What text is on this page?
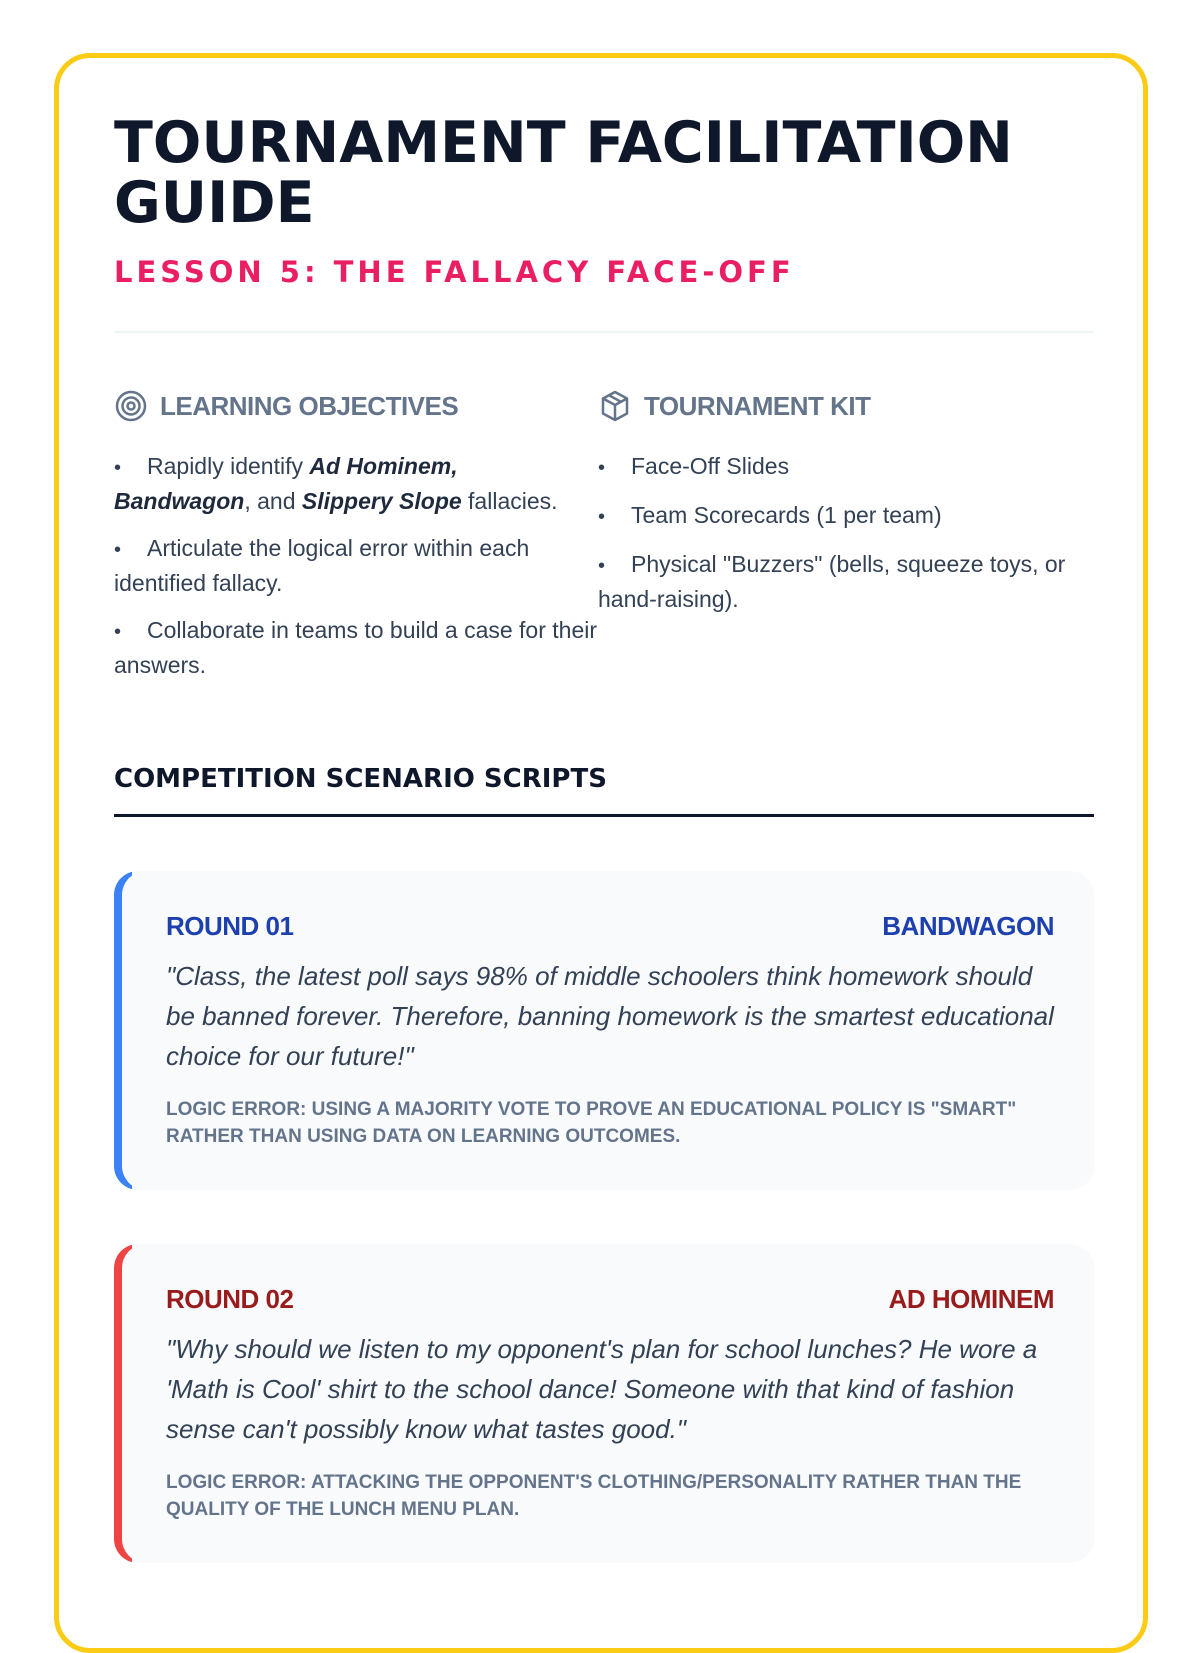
TOURNAMENT FACILITATION GUIDE
LESSON 5: THE FALLACY FACE-OFF
LEARNING OBJECTIVES
• Rapidly identify Ad Hominem, Bandwagon, and Slippery Slope fallacies.
• Articulate the logical error within each identified fallacy.
• Collaborate in teams to build a case for their answers.
TOURNAMENT KIT
• Face-Off Slides
• Team Scorecards (1 per team)
• Physical "Buzzers" (bells, squeeze toys, or hand-raising).
COMPETITION SCENARIO SCRIPTS
ROUND 01	BANDWAGON

"Class, the latest poll says 98% of middle schoolers think homework should be banned forever. Therefore, banning homework is the smartest educational choice for our future!"

LOGIC ERROR: USING A MAJORITY VOTE TO PROVE AN EDUCATIONAL POLICY IS "SMART" RATHER THAN USING DATA ON LEARNING OUTCOMES.

ROUND 02	AD HOMINEM

"Why should we listen to my opponent's plan for school lunches? He wore a 'Math is Cool' shirt to the school dance! Someone with that kind of fashion sense can't possibly know what tastes good."

LOGIC ERROR: ATTACKING THE OPPONENT'S CLOTHING/PERSONALITY RATHER THAN THE QUALITY OF THE LUNCH MENU PLAN.
